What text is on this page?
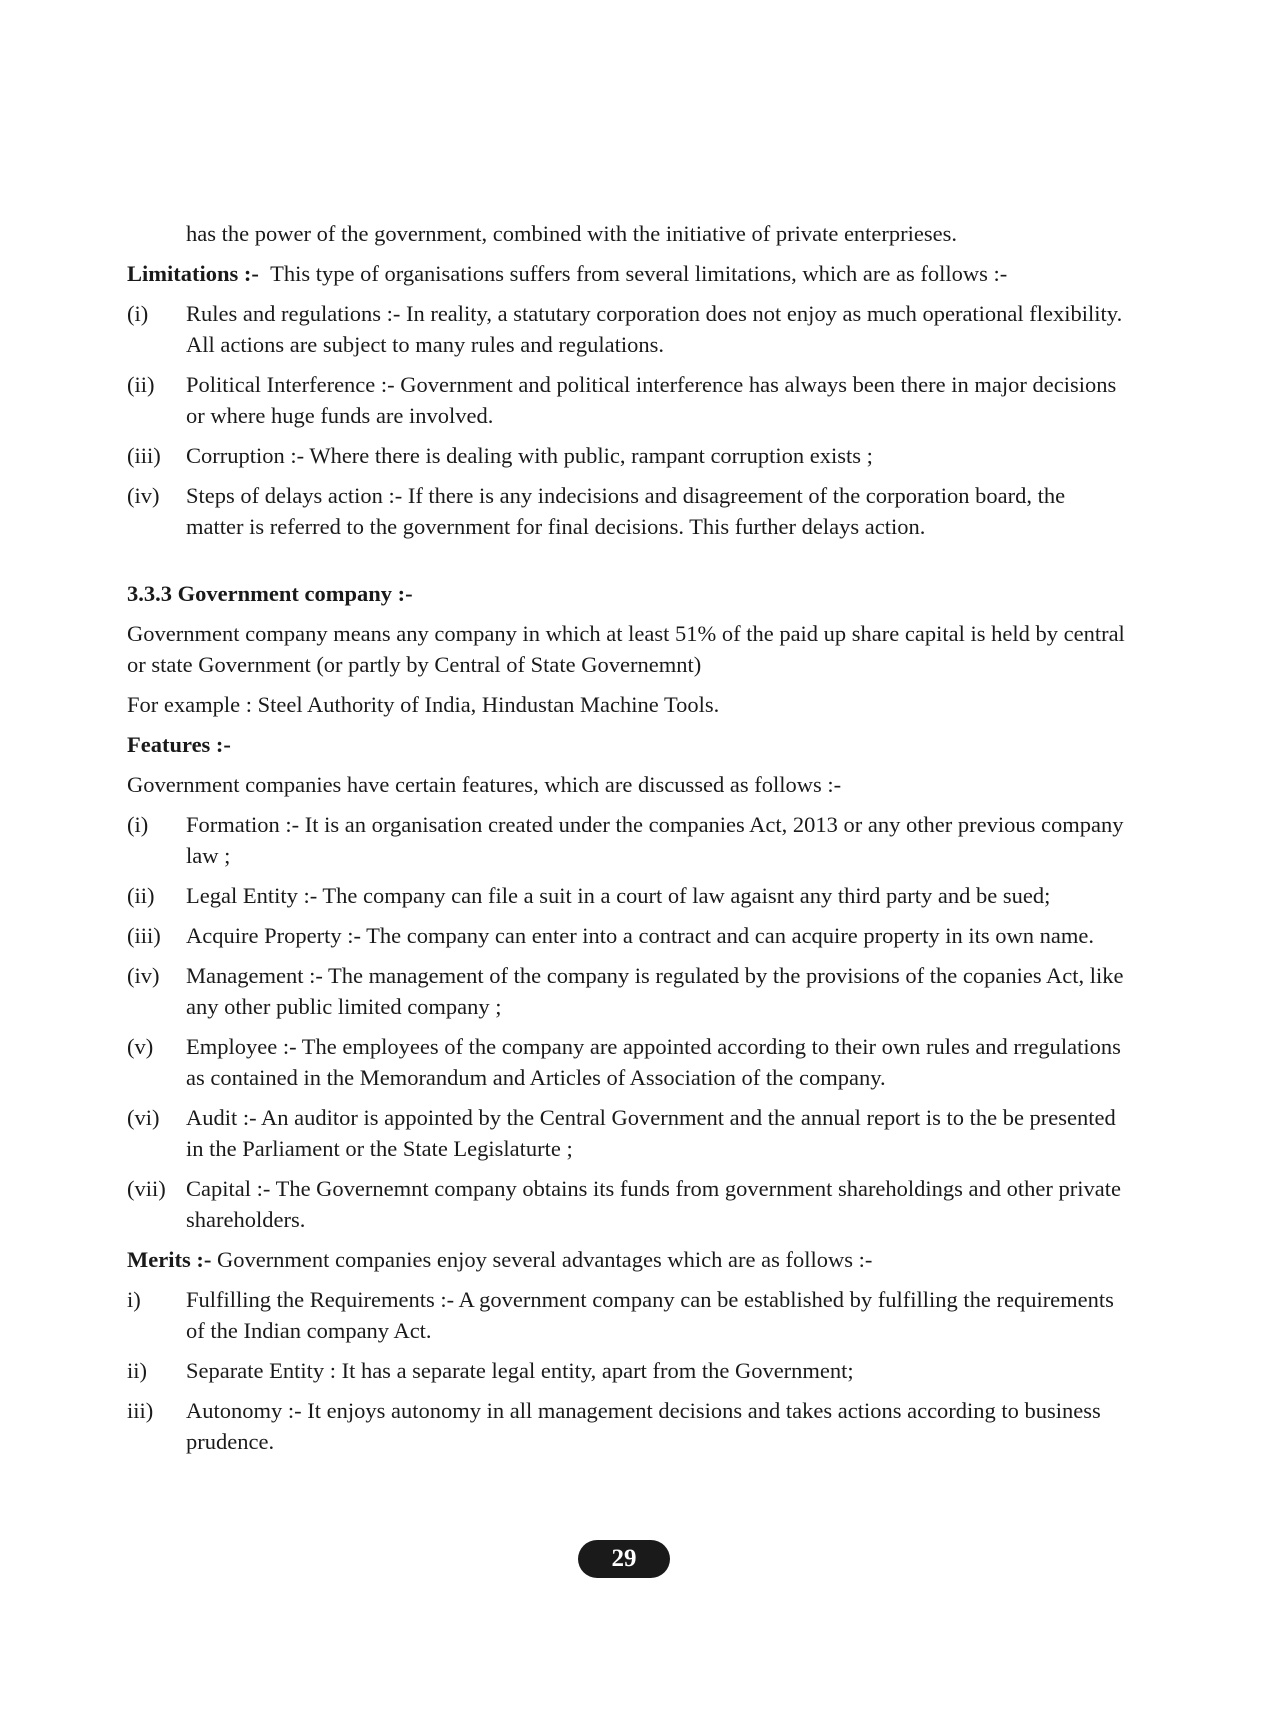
has the power of the government, combined with the initiative of private enterprieses.

Limitations :- This type of organisations suffers from several limitations, which are as follows :-

(i)	Rules and regulations :- In reality, a statutary corporation does not enjoy as much operational flexibility. All actions are subject to many rules and regulations.
(ii)	Political Interference :- Government and political interference has always been there in major decisions or where huge funds are involved.
(iii)	Corruption :- Where there is dealing with public, rampant corruption exists ;
(iv)	Steps of delays action :- If there is any indecisions and disagreement of the corporation board, the matter is referred to the government for final decisions. This further delays action.

3.3.3 Government company :-

Government company means any company in which at least 51% of the paid up share capital is held by central or state Government (or partly by Central of State Governemnt)

For example : Steel Authority of India, Hindustan Machine Tools.

Features :-

Government companies have certain features, which are discussed as follows :-

(i)	Formation :- It is an organisation created under the companies Act, 2013 or any other previous company law ;
(ii)	Legal Entity :- The company can file a suit in a court of law agaisnt any third party and be sued;
(iii)	Acquire Property :- The company can enter into a contract and can acquire property in its own name.
(iv)	Management :- The management of the company is regulated by the provisions of the copanies Act, like any other public limited company ;
(v)	Employee :- The employees of the company are appointed according to their own rules and rregulations as contained in the Memorandum and Articles of Association of the company.
(vi)	Audit :- An auditor is appointed by the Central Government and the annual report is to the be presented in the Parliament or the State Legislaturte ;
(vii) Capital :- The Governemnt company obtains its funds from government shareholdings and other private shareholders.

Merits :- Government companies enjoy several advantages which are as follows :-

i)	Fulfilling the Requirements :- A government company can be established by fulfilling the requirements of the Indian company Act.
ii)	Separate Entity : It has a separate legal entity, apart from the Government;
iii)	Autonomy :- It enjoys autonomy in all management decisions and takes actions according to business prudence.
29
